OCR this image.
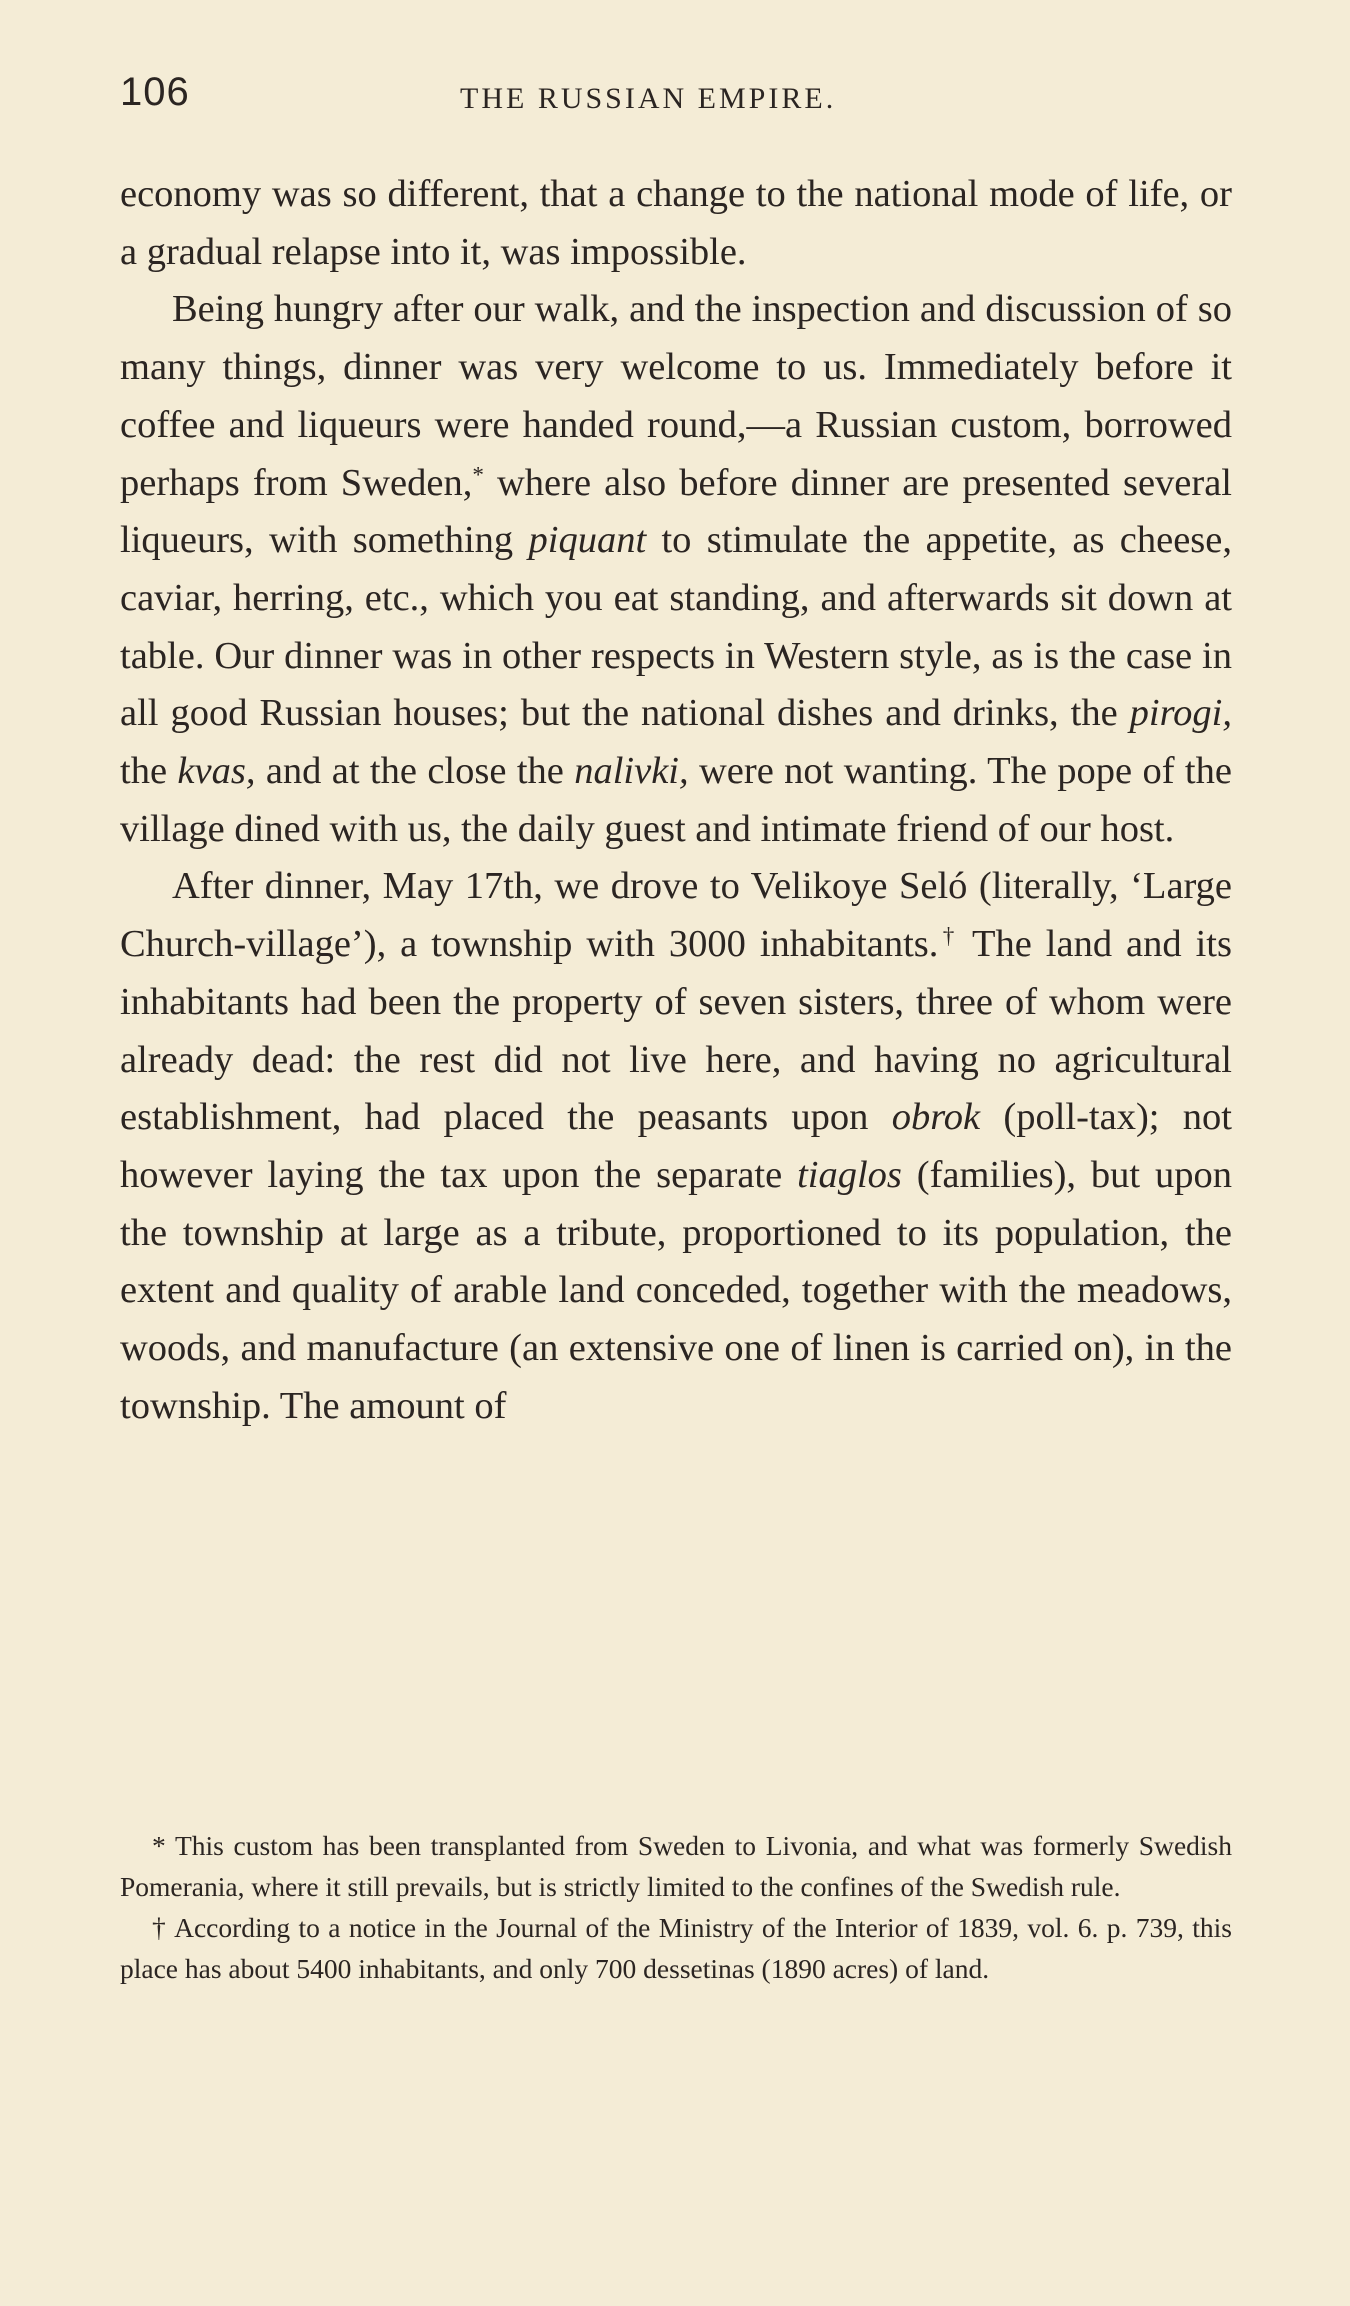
106	THE RUSSIAN EMPIRE.

economy was so different, that a change to the national mode of life, or a gradual relapse into it, was impossible.

Being hungry after our walk, and the inspection and discussion of so many things, dinner was very welcome to us. Immediately before it coffee and liqueurs were handed round,—a Russian custom, borrowed perhaps from Sweden,* where also before dinner are presented several liqueurs, with something piquant to stimulate the appetite, as cheese, caviar, herring, etc., which you eat standing, and afterwards sit down at table. Our dinner was in other respects in Western style, as is the case in all good Russian houses; but the national dishes and drinks, the pirogi, the kvas, and at the close the nalivki, were not wanting. The pope of the village dined with us, the daily guest and intimate friend of our host.

After dinner, May 17th, we drove to Velikoye Seló (literally, ‘Large Church-village’), a township with 3000 inhabitants.† The land and its inhabitants had been the property of seven sisters, three of whom were already dead: the rest did not live here, and having no agricultural establishment, had placed the peasants upon obrok (poll-tax); not however laying the tax upon the separate tiaglos (families), but upon the township at large as a tribute, proportioned to its population, the extent and quality of arable land conceded, together with the meadows, woods, and manufacture (an extensive one of linen is carried on), in the township. The amount of

* This custom has been transplanted from Sweden to Livonia, and what was formerly Swedish Pomerania, where it still prevails, but is strictly limited to the confines of the Swedish rule.

† According to a notice in the Journal of the Ministry of the Interior of 1839, vol. 6. p. 739, this place has about 5400 inhabitants, and only 700 dessetinas (1890 acres) of land.
